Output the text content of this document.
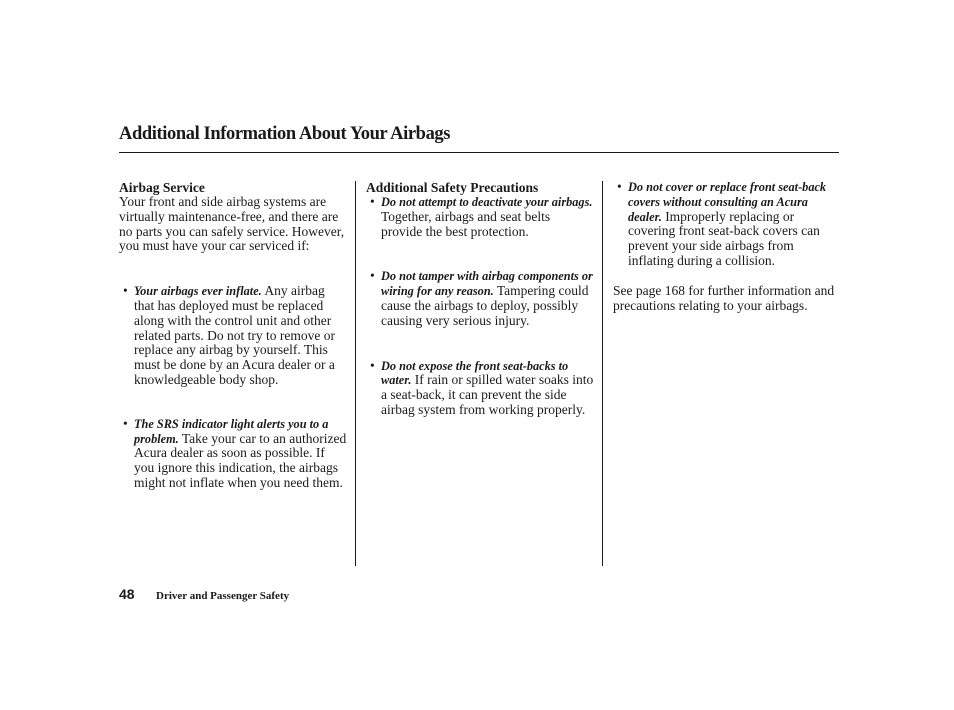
Additional Information About Your Airbags
Airbag Service

Your front and side airbag systems are virtually maintenance-free, and there are no parts you can safely service. However, you must have your car serviced if:

• Your airbags ever inflate. Any airbag that has deployed must be replaced along with the control unit and other related parts. Do not try to remove or replace any airbag by yourself. This must be done by an Acura dealer or a knowledgeable body shop.

• The SRS indicator light alerts you to a problem. Take your car to an authorized Acura dealer as soon as possible. If you ignore this indication, the airbags might not inflate when you need them.

Additional Safety Precautions

• Do not attempt to deactivate your airbags. Together, airbags and seat belts provide the best protection.

• Do not tamper with airbag components or wiring for any reason. Tampering could cause the airbags to deploy, possibly causing very serious injury.

• Do not expose the front seat-backs to water. If rain or spilled water soaks into a seat-back, it can prevent the side airbag system from working properly.

• Do not cover or replace front seat-back covers without consulting an Acura dealer. Improperly replacing or covering front seat-back covers can prevent your side airbags from inflating during a collision.

See page 168 for further information and precautions relating to your airbags.

48 Driver and Passenger Safety
